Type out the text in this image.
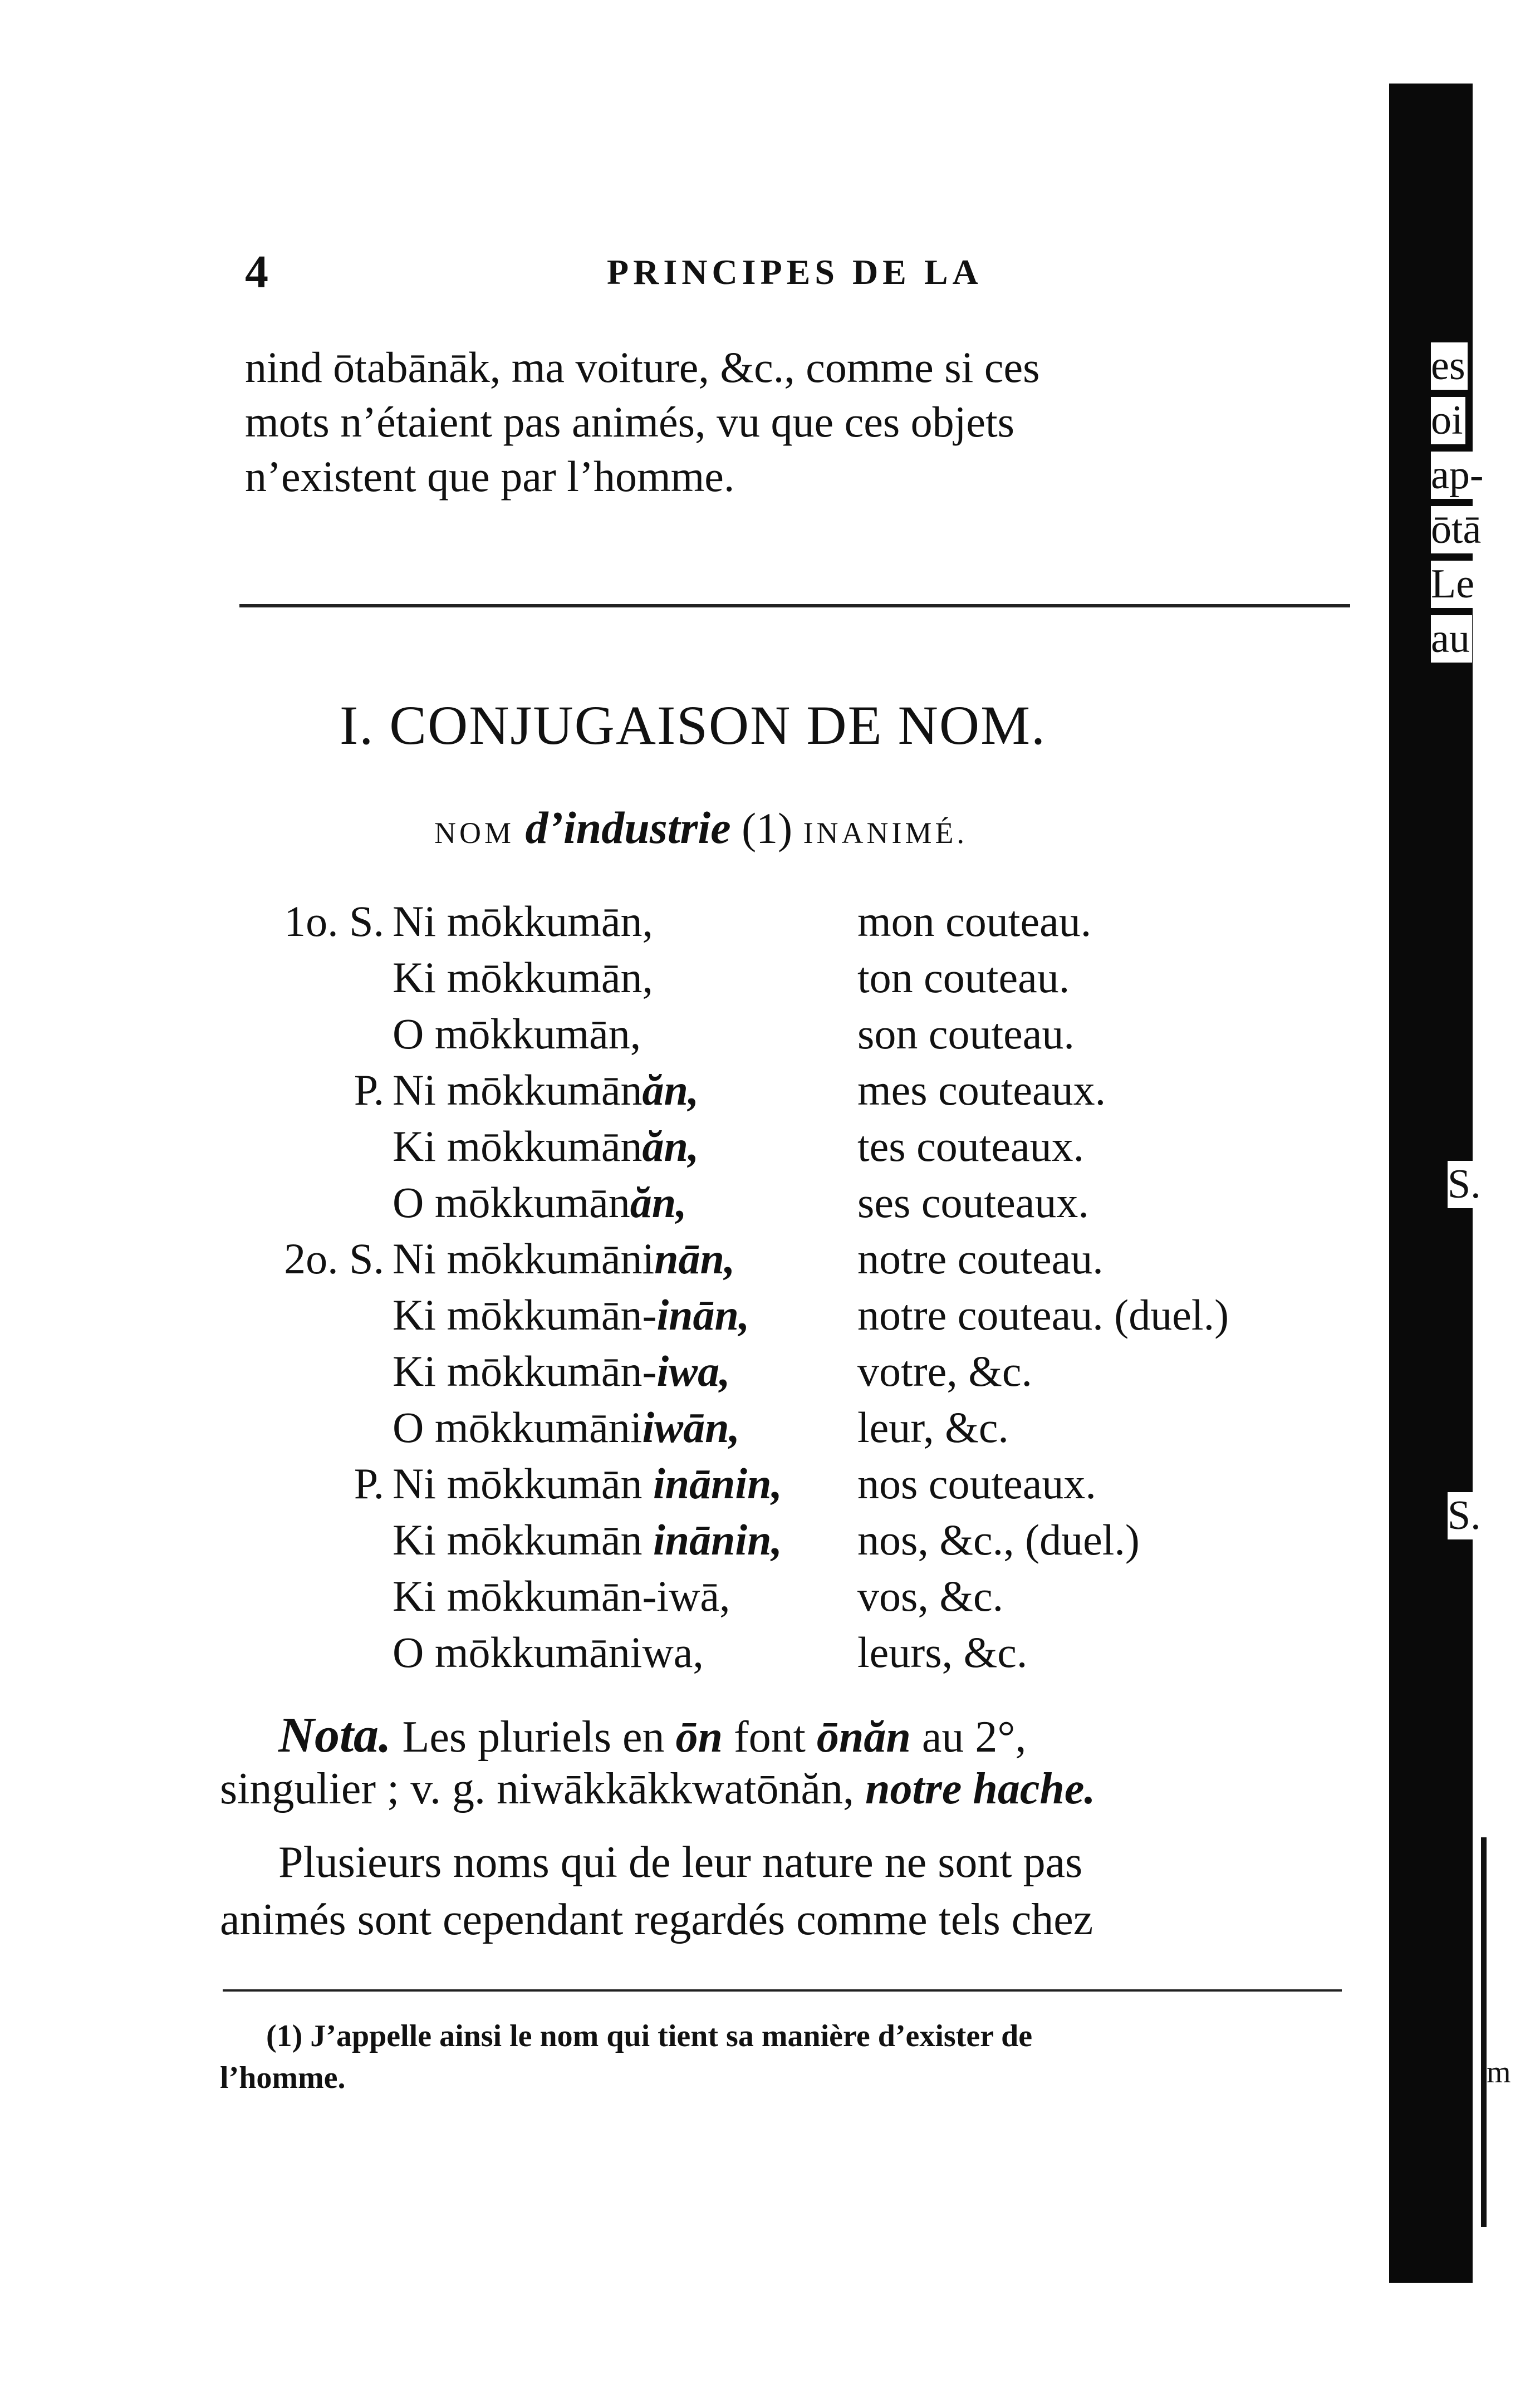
4	PRINCIPES DE LA
nind ōtabānāk, ma voiture, &c., comme si ces
mots n’étaient pas animés, vu que ces objets
n’existent que par l’homme.
I. CONJUGAISON DE NOM.
NOM d’industrie (1) INANIMÉ.
1o. S. Ni mōkkumān,	mon couteau.
Ki mōkkumān,	ton couteau.
O mōkkumān,	son couteau.
P. Ni mōkkumānăn,	mes couteaux.
Ki mōkkumānăn,	tes couteaux.
O mōkkumānăn,	ses couteaux.
2o. S. Ni mōkkumāninān,	notre couteau.
Ki mōkkumān-inān, notre couteau. (duel.)
Ki mōkkumān-iwa,	votre, &c.
O mōkkumāniiwān,	leur, &c.
P. Ni mōkkumān inānin, nos couteaux.
Ki mōkkumān inānin, nos, &c., (duel.)
Ki mōkkumān-iwā,	vos, &c.
O mōkkumāniwa,	leurs, &c.
Nota. Les pluriels en ōn font ōnăn au 2°,
singulier ; v. g. niwākkākkwatōnăn, notre hache.
Plusieurs noms qui de leur nature ne sont pas
animés sont cependant regardés comme tels chez
(1) J’appelle ainsi le nom qui tient sa manière d’exister de
l’homme.
es
oi
ap-
ōtā
Le
au
S.
S.
m
